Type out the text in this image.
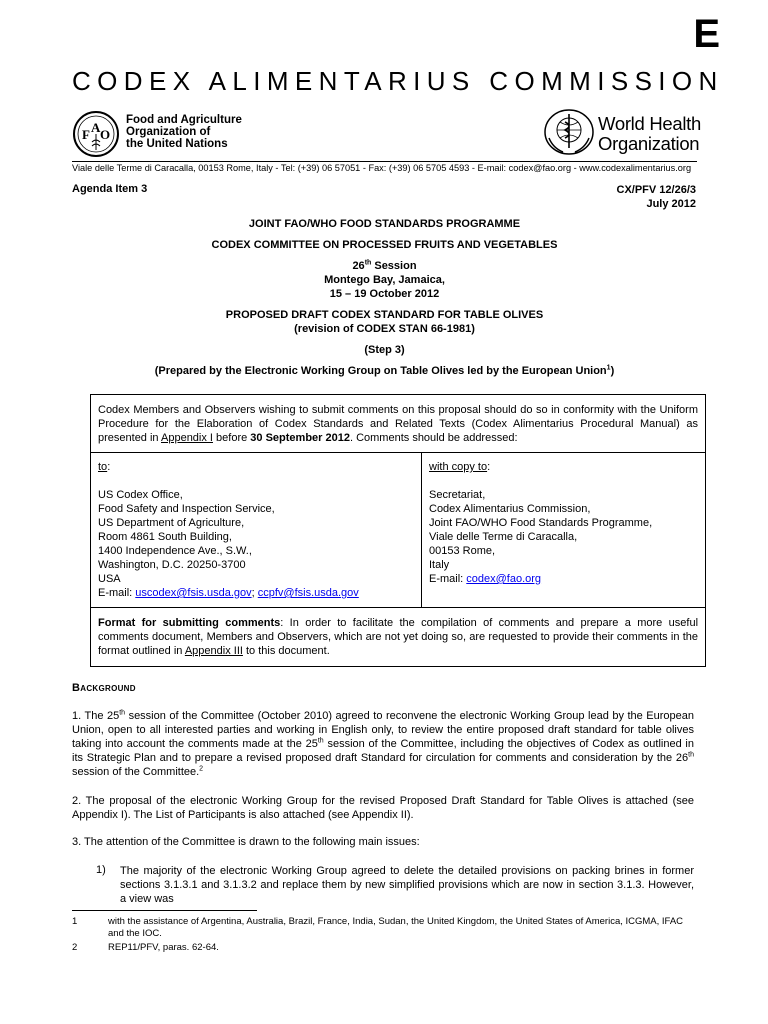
E
CODEX ALIMENTARIUS COMMISSION
F A O
Food and Agriculture
Organization of
the United Nations
World Health
Organization
Viale delle Terme di Caracalla, 00153 Rome, Italy - Tel: (+39) 06 57051 - Fax: (+39) 06 5705 4593 - E-mail: codex@fao.org - www.codexalimentarius.org
Agenda Item 3	CX/PFV 12/26/3
July 2012
JOINT FAO/WHO FOOD STANDARDS PROGRAMME
CODEX COMMITTEE ON PROCESSED FRUITS AND VEGETABLES
26th Session
Montego Bay, Jamaica,
15 – 19 October 2012
PROPOSED DRAFT CODEX STANDARD FOR TABLE OLIVES
(revision of CODEX STAN 66-1981)
(Step 3)
(Prepared by the Electronic Working Group on Table Olives led by the European Union$^1$)
Codex Members and Observers wishing to submit comments on this proposal should do so in conformity with the Uniform Procedure for the Elaboration of Codex Standards and Related Texts (Codex Alimentarius Procedural Manual) as presented in Appendix I before 30 September 2012. Comments should be addressed:
to:
US Codex Office,
Food Safety and Inspection Service,
US Department of Agriculture,
Room 4861 South Building,
1400 Independence Ave., S.W.,
Washington, D.C. 20250-3700
USA
E-mail: uscodex@fsis.usda.gov; ccpfv@fsis.usda.gov
with copy to:
Secretariat,
Codex Alimentarius Commission,
Joint FAO/WHO Food Standards Programme,
Viale delle Terme di Caracalla,
00153 Rome,
Italy
E-mail: codex@fao.org
Format for submitting comments: In order to facilitate the compilation of comments and prepare a more useful comments document, Members and Observers, which are not yet doing so, are requested to provide their comments in the format outlined in Appendix III to this document.
Background
1. The 25th session of the Committee (October 2010) agreed to reconvene the electronic Working Group lead by the European Union, open to all interested parties and working in English only, to review the entire proposed draft standard for table olives taking into account the comments made at the 25th session of the Committee, including the objectives of Codex as outlined in its Strategic Plan and to prepare a revised proposed draft Standard for circulation for comments and consideration by the 26th session of the Committee.$^2$
2. The proposal of the electronic Working Group for the revised Proposed Draft Standard for Table Olives is attached (see Appendix I). The List of Participants is also attached (see Appendix II).
3. The attention of the Committee is drawn to the following main issues:
1) The majority of the electronic Working Group agreed to delete the detailed provisions on packing brines in former sections 3.1.3.1 and 3.1.3.2 and replace them by new simplified provisions which are now in section 3.1.3. However, a view was
1	with the assistance of Argentina, Australia, Brazil, France, India, Sudan, the United Kingdom, the United States of America, ICGMA, IFAC and the IOC.
2	REP11/PFV, paras. 62-64.
